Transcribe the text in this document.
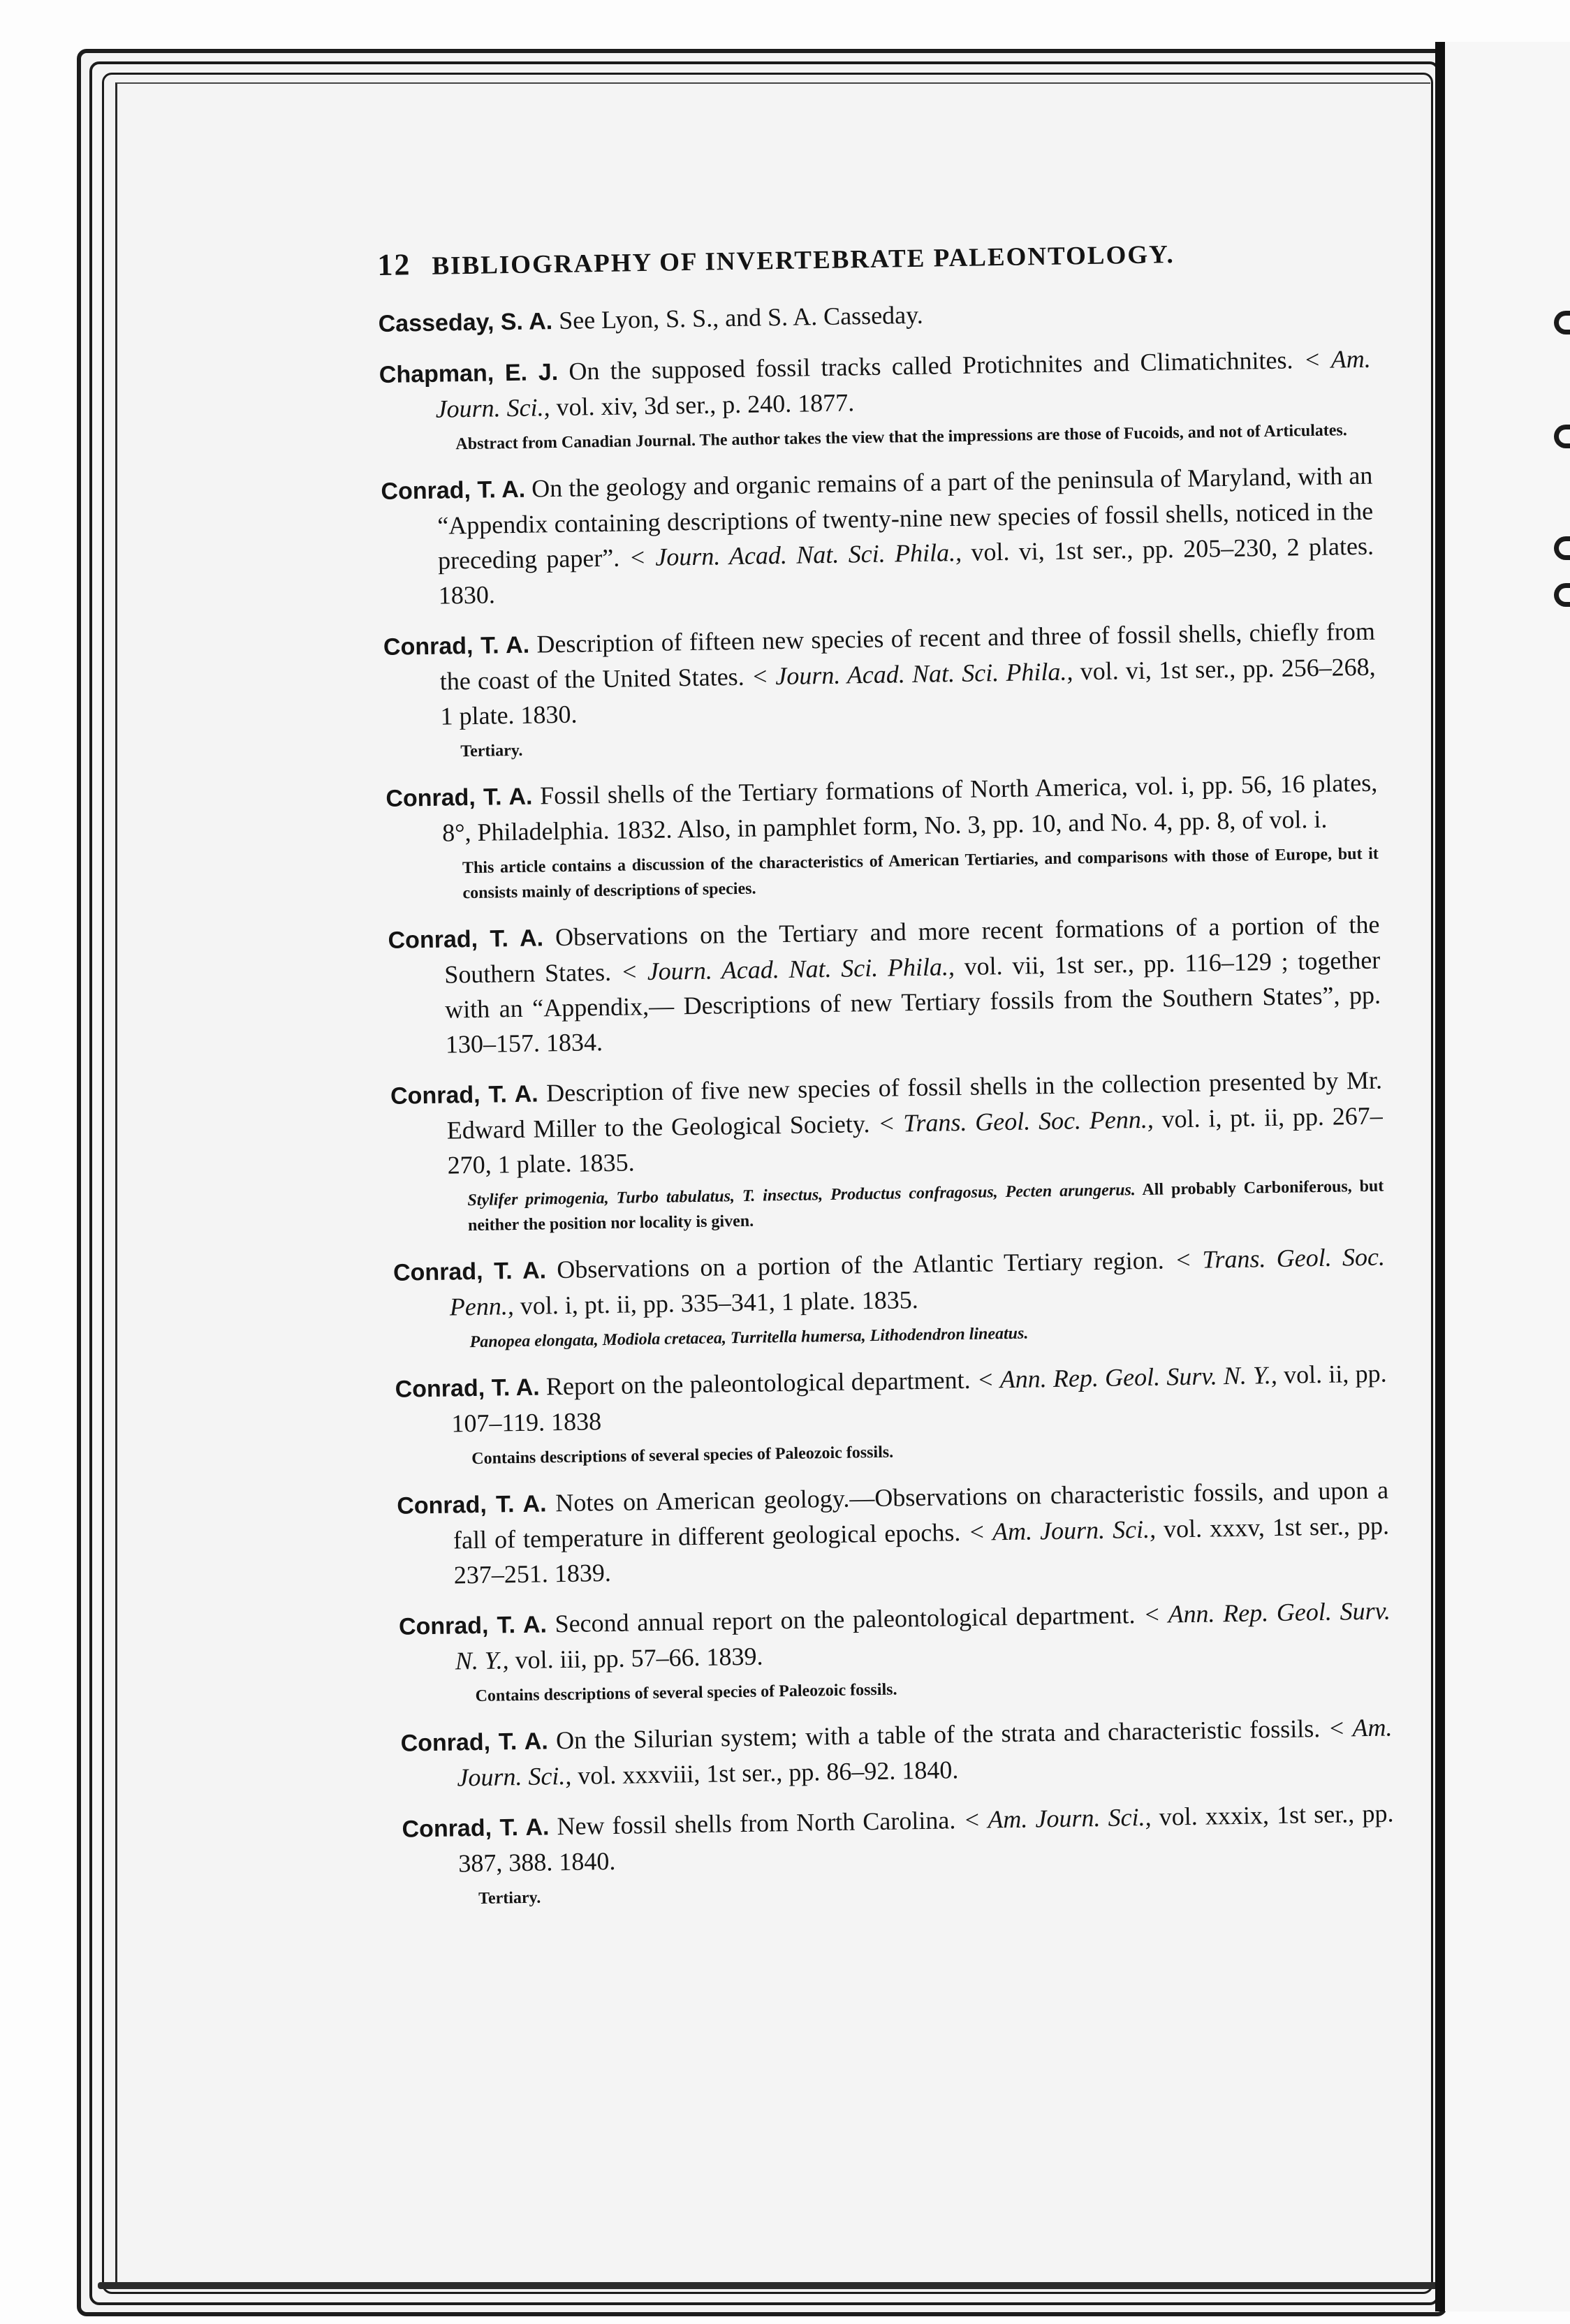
12 BIBLIOGRAPHY OF INVERTEBRATE PALEONTOLOGY.
Casseday, S. A. See Lyon, S. S., and S. A. Casseday.
Chapman, E. J. On the supposed fossil tracks called Protichnites and Climatichnites. < Am. Journ. Sci., vol. xiv, 3d ser., p. 240. 1877.
Abstract from Canadian Journal. The author takes the view that the impressions are those of Fucoids, and not of Articulates.
Conrad, T. A. On the geology and organic remains of a part of the peninsula of Maryland, with an “Appendix containing descriptions of twenty-nine new species of fossil shells, noticed in the preceding paper”. < Journ. Acad. Nat. Sci. Phila., vol. vi, 1st ser., pp. 205–230, 2 plates. 1830.
Conrad, T. A. Description of fifteen new species of recent and three of fossil shells, chiefly from the coast of the United States. < Journ. Acad. Nat. Sci. Phila., vol. vi, 1st ser., pp. 256–268, 1 plate. 1830.
Tertiary.
Conrad, T. A. Fossil shells of the Tertiary formations of North America, vol. i, pp. 56, 16 plates, 8°, Philadelphia. 1832. Also, in pamphlet form, No. 3, pp. 10, and No. 4, pp. 8, of vol. i.
This article contains a discussion of the characteristics of American Tertiaries, and comparisons with those of Europe, but it consists mainly of descriptions of species.
Conrad, T. A. Observations on the Tertiary and more recent formations of a portion of the Southern States. < Journ. Acad. Nat. Sci. Phila., vol. vii, 1st ser., pp. 116–129 ; together with an “Appendix,— Descriptions of new Tertiary fossils from the Southern States”, pp. 130–157. 1834.
Conrad, T. A. Description of five new species of fossil shells in the collection presented by Mr. Edward Miller to the Geological Society. < Trans. Geol. Soc. Penn., vol. i, pt. ii, pp. 267–270, 1 plate. 1835.
Stylifer primogenia, Turbo tabulatus, T. insectus, Productus confragosus, Pecten arungerus. All probably Carboniferous, but neither the position nor locality is given.
Conrad, T. A. Observations on a portion of the Atlantic Tertiary region. < Trans. Geol. Soc. Penn., vol. i, pt. ii, pp. 335–341, 1 plate. 1835.
Panopea elongata, Modiola cretacea, Turritella humersa, Lithodendron lineatus.
Conrad, T. A. Report on the paleontological department. < Ann. Rep. Geol. Surv. N. Y., vol. ii, pp. 107–119. 1838
Contains descriptions of several species of Paleozoic fossils.
Conrad, T. A. Notes on American geology.—Observations on characteristic fossils, and upon a fall of temperature in different geological epochs. < Am. Journ. Sci., vol. xxxv, 1st ser., pp. 237–251. 1839.
Conrad, T. A. Second annual report on the paleontological department. < Ann. Rep. Geol. Surv. N. Y., vol. iii, pp. 57–66. 1839.
Contains descriptions of several species of Paleozoic fossils.
Conrad, T. A. On the Silurian system; with a table of the strata and characteristic fossils. < Am. Journ. Sci., vol. xxxviii, 1st ser., pp. 86–92. 1840.
Conrad, T. A. New fossil shells from North Carolina. < Am. Journ. Sci., vol. xxxix, 1st ser., pp. 387, 388. 1840.
Tertiary.
